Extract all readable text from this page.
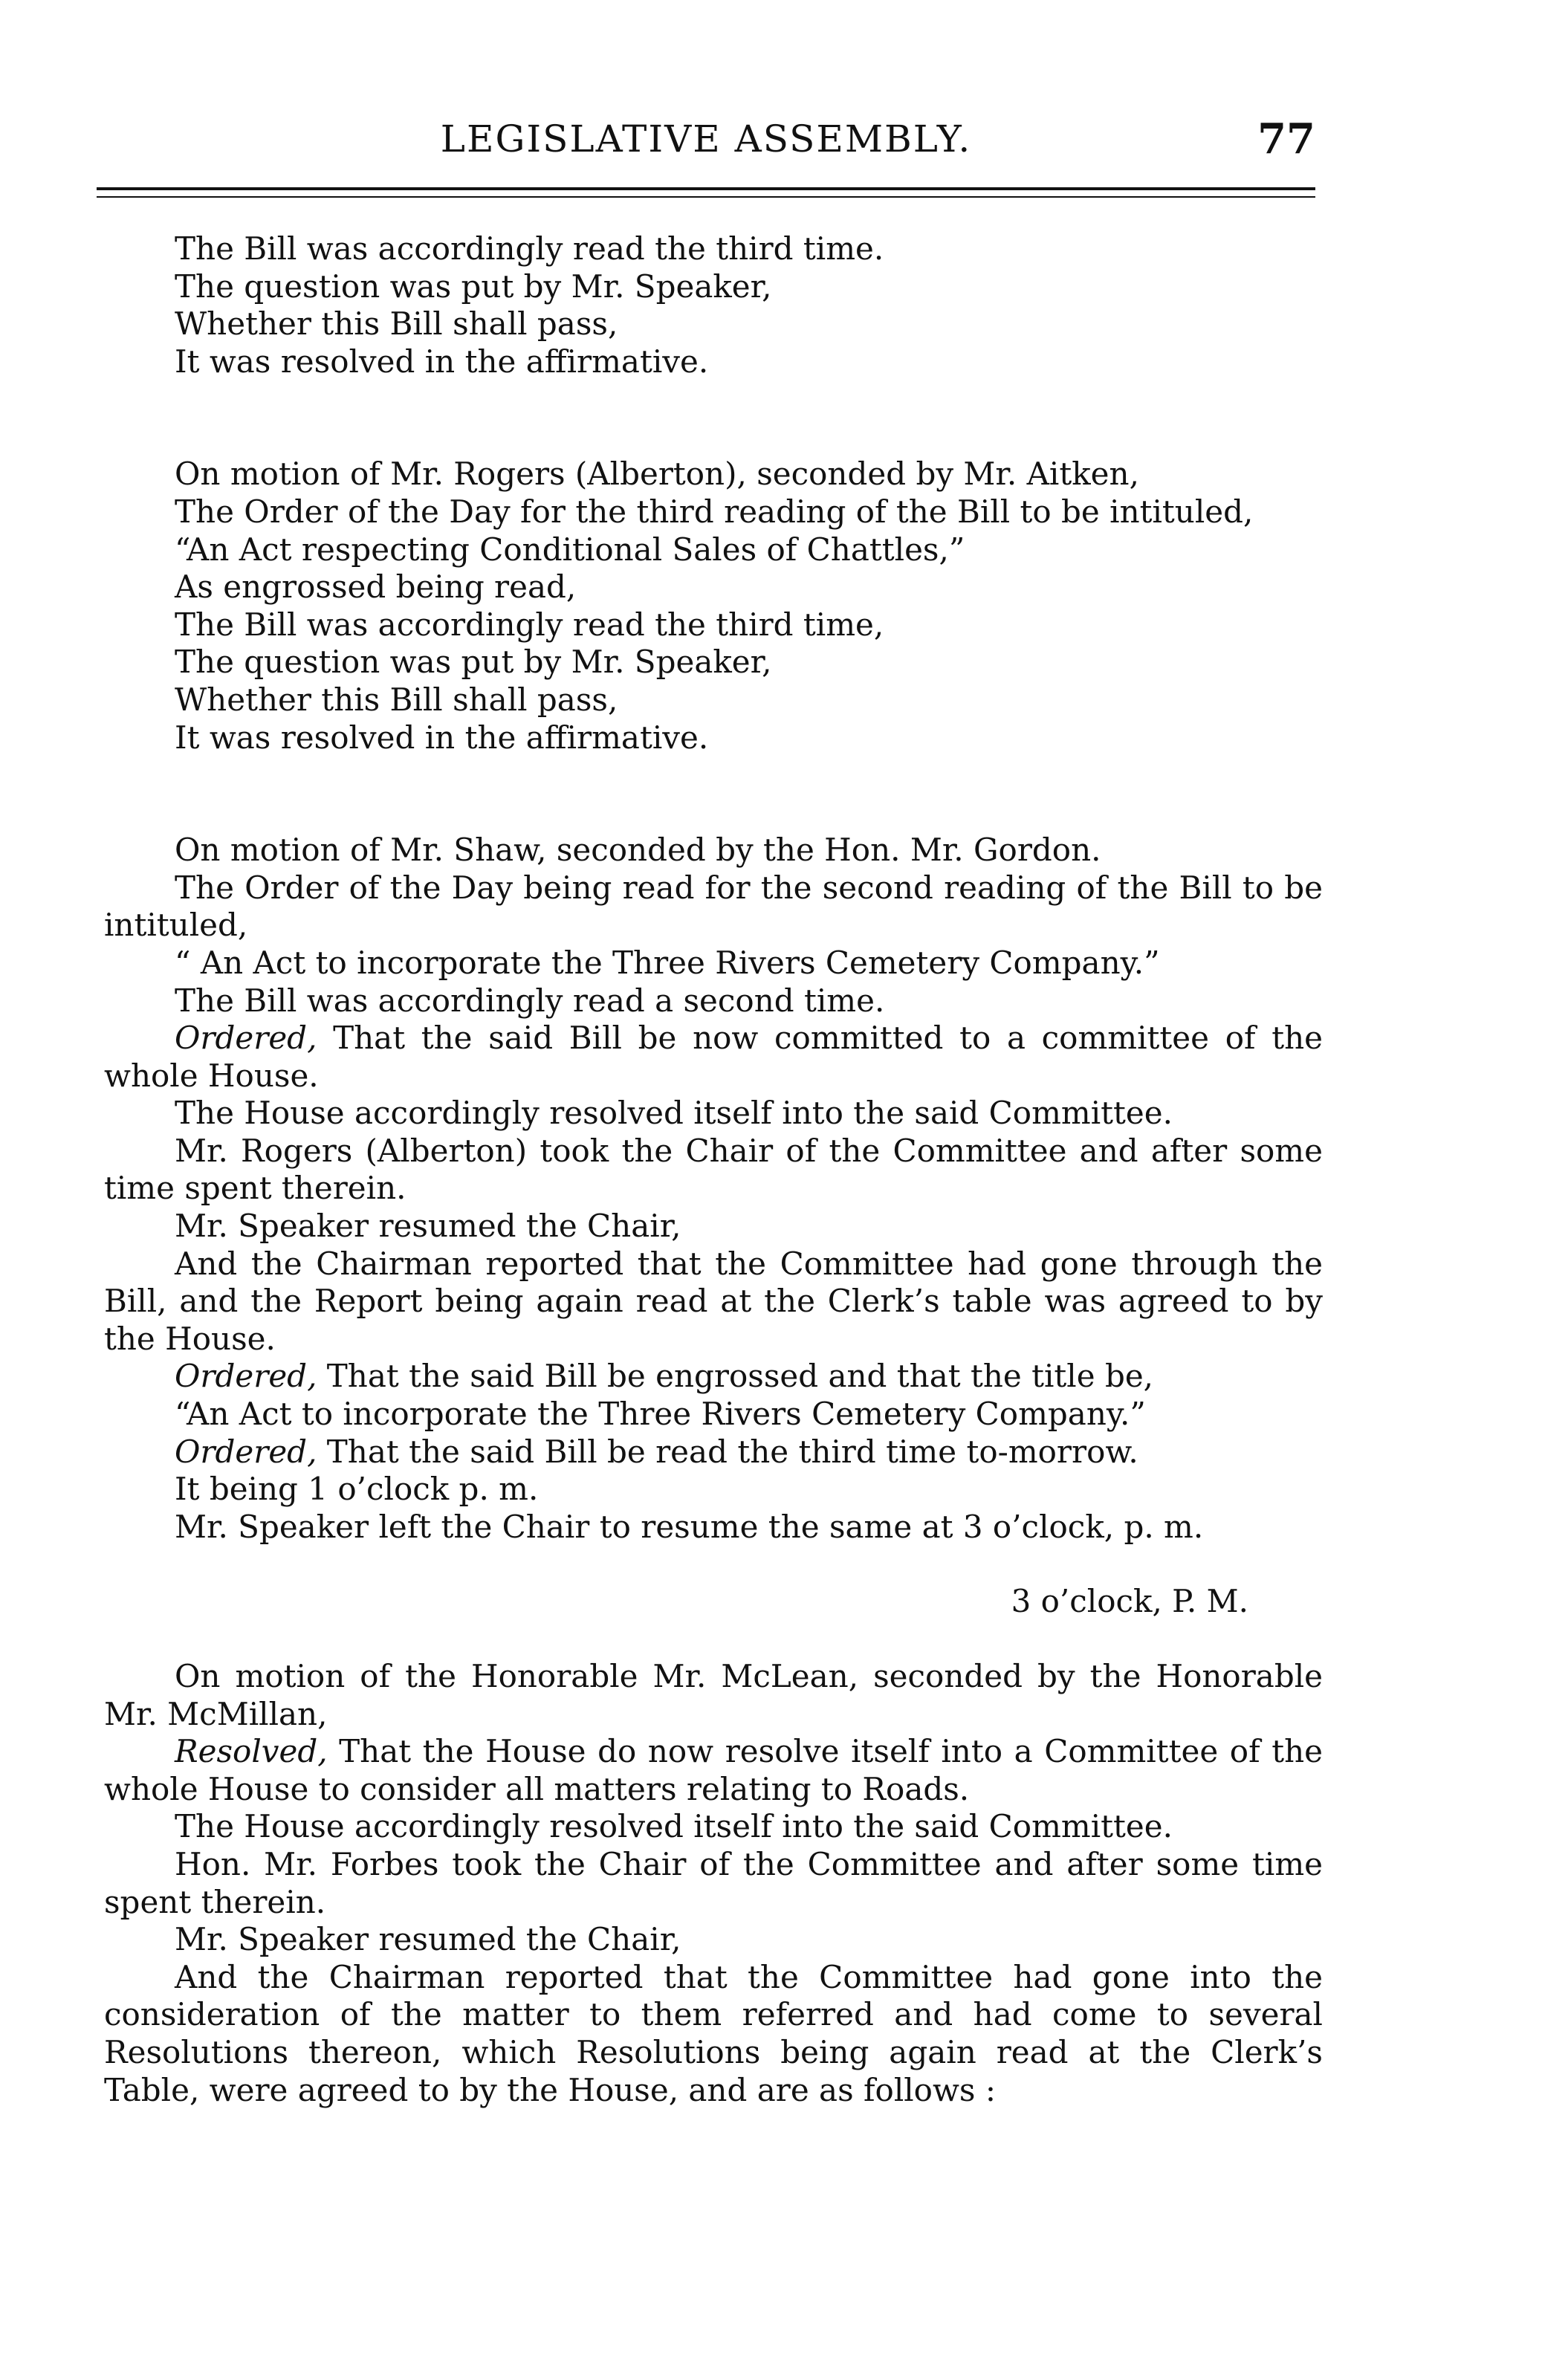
LEGISLATIVE ASSEMBLY.	77

The Bill was accordingly read the third time.

The question was put by Mr. Speaker,

Whether this Bill shall pass,

It was resolved in the affirmative.

On motion of Mr. Rogers (Alberton), seconded by Mr. Aitken,

The Order of the Day for the third reading of the Bill to be intituled,

“An Act respecting Conditional Sales of Chattles,”

As engrossed being read,

The Bill was accordingly read the third time,

The question was put by Mr. Speaker,

Whether this Bill shall pass,

It was resolved in the affirmative.

On motion of Mr. Shaw, seconded by the Hon. Mr. Gordon.

The Order of the Day being read for the second reading of the Bill to be intituled,

“ An Act to incorporate the Three Rivers Cemetery Company.”

The Bill was accordingly read a second time.

Ordered, That the said Bill be now committed to a committee of the whole House.

The House accordingly resolved itself into the said Committee.

Mr. Rogers (Alberton) took the Chair of the Committee and after some time spent therein.

Mr. Speaker resumed the Chair,

And the Chairman reported that the Committee had gone through the Bill, and the Report being again read at the Clerk’s table was agreed to by the House.

Ordered, That the said Bill be engrossed and that the title be,

“An Act to incorporate the Three Rivers Cemetery Company.”

Ordered, That the said Bill be read the third time to-morrow.

It being 1 o’clock p. m.

Mr. Speaker left the Chair to resume the same at 3 o’clock, p. m.

3 o’clock, P. M.

On motion of the Honorable Mr. McLean, seconded by the Honorable Mr. McMillan,

Resolved, That the House do now resolve itself into a Committee of the whole House to consider all matters relating to Roads.

The House accordingly resolved itself into the said Committee.

Hon. Mr. Forbes took the Chair of the Committee and after some time spent therein.

Mr. Speaker resumed the Chair,

And the Chairman reported that the Committee had gone into the consideration of the matter to them referred and had come to several Resolutions thereon, which Resolutions being again read at the Clerk’s Table, were agreed to by the House, and are as follows :
